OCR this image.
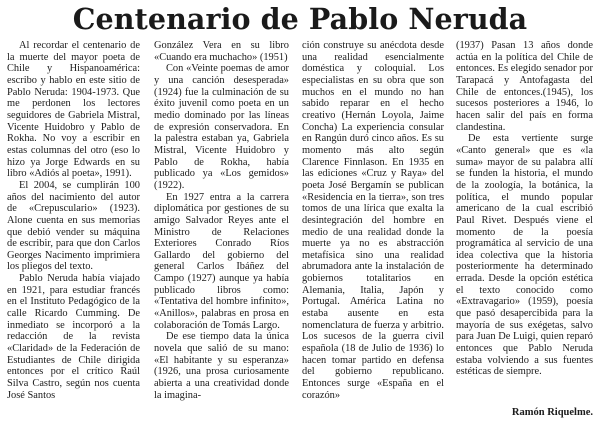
Centenario de Pablo Neruda

Al recordar el centenario de la muerte del mayor poeta de Chile y Hispanoamérica: escribo y hablo en este sitio de Pablo Neruda: 1904-1973. Que me perdonen los lectores seguidores de Gabriela Mistral, Vicente Huidobro y Pablo de Rokha. No voy a escribir en estas columnas del otro (eso lo hizo ya Jorge Edwards en su libro «Adiós al poeta», 1991).

El 2004, se cumplirán 100 años del nacimiento del autor de «Crepusculario» (1923). Alone cuenta en sus memorias que debió vender su máquina de escribir, para que don Carlos Georges Nacimento imprimiera los pliegos del texto.

Pablo Neruda había viajado en 1921, para estudiar francés en el Instituto Pedagógico de la calle Ricardo Cumming. De inmediato se incorporó a la redacción de la revista «Claridad» de la Federación de Estudiantes de Chile dirigida entonces por el crítico Raúl Silva Castro, según nos cuenta José Santos

González Vera en su libro «Cuando era muchacho» (1951)

Con «Veinte poemas de amor y una canción desesperada» (1924) fue la culminación de su éxito juvenil como poeta en un medio dominado por las líneas de expresión conservadora. En la palestra estaban ya, Gabriela Mistral, Vicente Huidobro y Pablo de Rokha, había publicado ya «Los gemidos» (1922).

En 1927 entra a la carrera diplomática por gestiones de su amigo Salvador Reyes ante el Ministro de Relaciones Exteriores Conrado Ríos Gallardo del gobierno del general Carlos Ibáñez del Campo (1927) aunque ya había publicado libros como: «Tentativa del hombre infinito», «Anillos», palabras en prosa en colaboración de Tomás Largo.

De ese tiempo data la única novela que salió de su mano: «El habitante y su esperanza» (1926, una prosa curiosamente abierta a una creatividad donde la imagina-

ción construye su anécdota desde una realidad esencialmente doméstica y coloquial. Los especialistas en su obra que son muchos en el mundo no han sabido reparar en el hecho creativo (Hernán Loyola, Jaime Concha) La experiencia consular en Rangún duró cinco años. Es su momento más alto según Clarence Finnlason. En 1935 en las ediciones «Cruz y Raya» del poeta José Bergamín se publican «Residencia en la tierra», son tres tomos de una lírica que exalta la desintegración del hombre en medio de una realidad donde la muerte ya no es abstracción metafísica sino una realidad abrumadora ante la instalación de gobiernos totalitarios en Alemania, Italia, Japón y Portugal. América Latina no estaba ausente en esta nomenclatura de fuerza y arbitrio. Los sucesos de la guerra civil española (18 de Julio de 1936) lo hacen tomar partido en defensa del gobierno republicano. Entonces surge «España en el corazón»

(1937) Pasan 13 años donde actúa en la política del Chile de entonces. Es elegido senador por Tarapacá y Antofagasta del Chile de entonces.(1945), los sucesos posteriores a 1946, lo hacen salir del país en forma clandestina.

De esta vertiente surge «Canto general» que es «la suma» mayor de su palabra allí se funden la historia, el mundo de la zoología, la botánica, la política, el mundo popular americano de la cual escribió Paul Rivet. Después viene el momento de la poesía programática al servicio de una idea colectiva que la historia posteriormente ha determinado errada. Desde la opción estética el texto conocido como «Extravagario» (1959), poesía que pasó desapercibida para la mayoría de sus exégetas, salvo para Juan De Luigi, quien reparó entonces que Pablo Neruda estaba volviendo a sus fuentes estéticas de siempre.

Ramón Riquelme.
